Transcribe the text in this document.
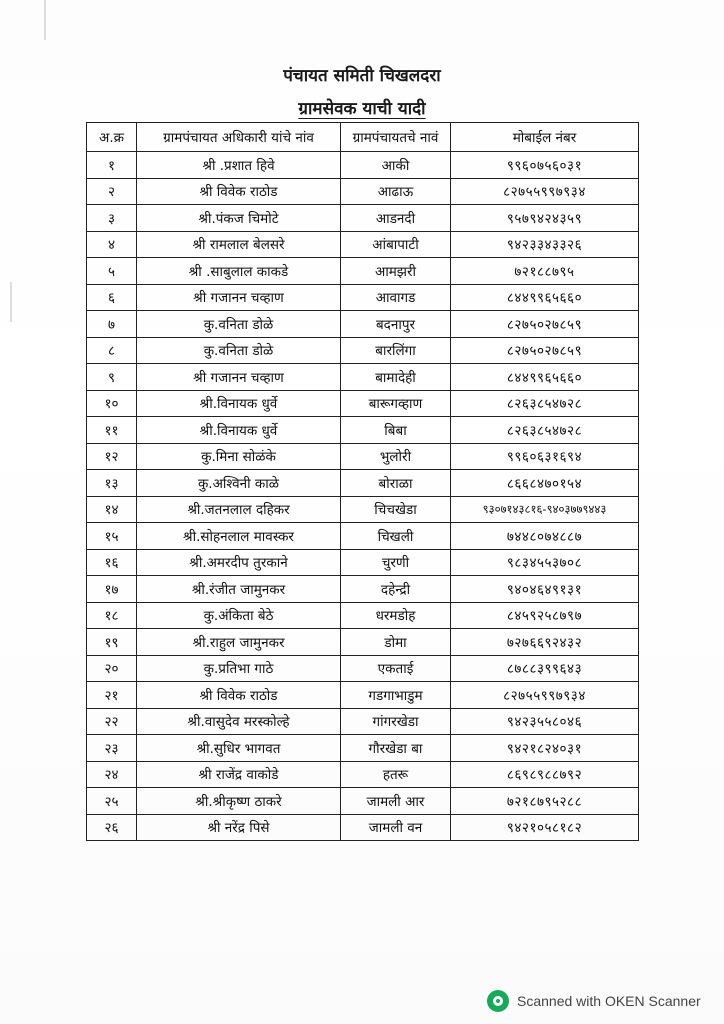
पंचायत समिती चिखलदरा
ग्रामसेवक याची यादी
अ.क्र	ग्रामपंचायत अधिकारी यांचे नांव	ग्रामपंचायतचे नावं	मोबाईल नंबर
१	श्री .प्रशात हिवे	आकी	९९६०७५६०३१
२	श्री विवेक राठोड	आढाऊ	८२७५५९९७९३४
३	श्री.पंकज चिमोटे	आडनदी	९५७९४२४३५९
४	श्री रामलाल बेलसरे	आंबापाटी	९४२३३४३३२६
५	श्री .साबुलाल काकडे	आमझरी	७२१८८७९५
६	श्री गजानन चव्हाण	आवागड	८४४९९६५६६०
७	कु.वनिता डोळे	बदनापुर	८२७५०२७८५९
८	कु.वनिता डोळे	बारलिंगा	८२७५०२७८५९
९	श्री गजानन चव्हाण	बामादेही	८४४९९६५६६०
१०	श्री.विनायक धुर्वे	बारूगव्हाण	८२६३८५४७२८
११	श्री.विनायक धुर्वे	बिबा	८२६३८५४७२८
१२	कु.मिना सोळंके	भुलोरी	९९६०६३१६९४
१३	कु.अश्विनी काळे	बोराळा	८६६८४७०१५४
१४	श्री.जतनलाल दहिकर	चिचखेडा	९३०७१४३८१६-९४०३७७९४४३
१५	श्री.सोहनलाल मावस्कर	चिखली	७४४८०७४८८७
१६	श्री.अमरदीप तुरकाने	चुरणी	९८३४५५३७०८
१७	श्री.रंजीत जामुनकर	दहेन्द्री	९४०४६४९१३१
१८	कु.अंकिता बेठे	धरमडोह	८४५९२५८७९७
१९	श्री.राहुल जामुनकर	डोमा	७२७६६९२४३२
२०	कु.प्रतिभा गाठे	एकताई	८७८८३९९६४३
२१	श्री विवेक राठोड	गडगाभाडुम	८२७५५९९७९३४
२२	श्री.वासुदेव मरस्कोल्हे	गांगरखेडा	९४२३५५८०४६
२३	श्री.सुधिर भागवत	गौरखेडा बा	९४२१८२४०३१
२४	श्री राजेंद्र वाकोडे	हतरू	८६९८९८८७९२
२५	श्री.श्रीकृष्ण ठाकरे	जामली आर	७२१८७९५२८८
२६	श्री नरेंद्र पिसे	जामली वन	९४२१०५८१८२
Scanned with OKEN Scanner
